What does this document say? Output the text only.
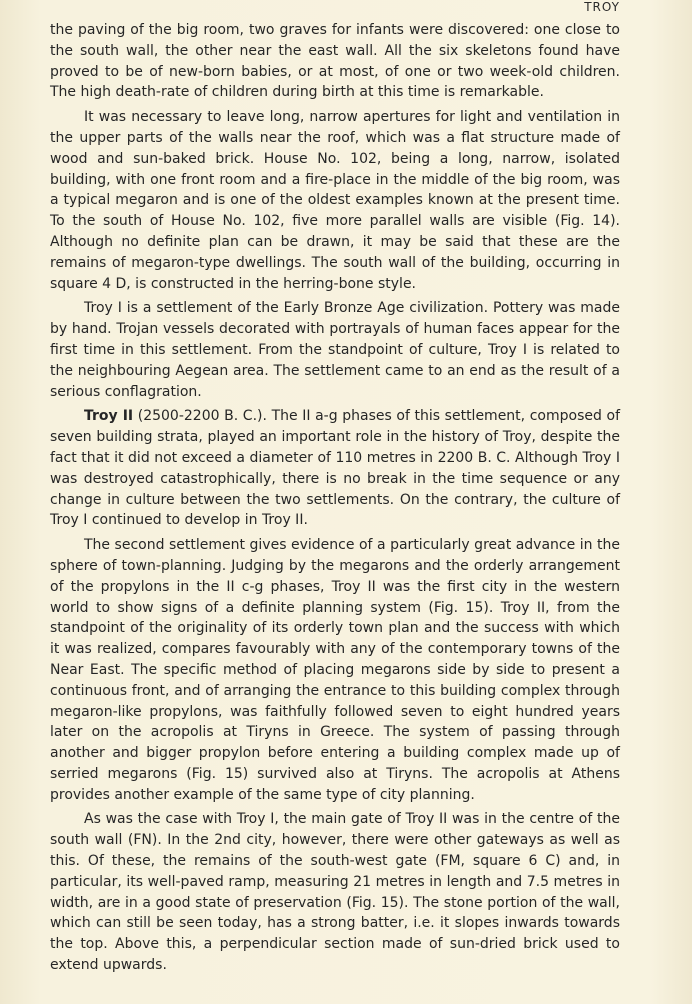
TROY

the paving of the big room, two graves for infants were discovered: one close to the south wall, the other near the east wall. All the six skeletons found have proved to be of new-born babies, or at most, of one or two week-old children. The high death-rate of children during birth at this time is remarkable.

It was necessary to leave long, narrow apertures for light and ventilation in the upper parts of the walls near the roof, which was a flat structure made of wood and sun-baked brick. House No. 102, being a long, narrow, isolated building, with one front room and a fire-place in the middle of the big room, was a typical megaron and is one of the oldest examples known at the present time. To the south of House No. 102, five more parallel walls are visible (Fig. 14). Although no definite plan can be drawn, it may be said that these are the remains of megaron-type dwellings. The south wall of the building, occurring in square 4 D, is constructed in the herring-bone style.

Troy I is a settlement of the Early Bronze Age civilization. Pottery was made by hand. Trojan vessels decorated with portrayals of human faces appear for the first time in this settlement. From the standpoint of culture, Troy I is related to the neighbouring Aegean area. The settlement came to an end as the result of a serious conflagration.

Troy II (2500-2200 B. C.). The II a-g phases of this settlement, composed of seven building strata, played an important role in the history of Troy, despite the fact that it did not exceed a diameter of 110 metres in 2200 B. C. Although Troy I was destroyed catastrophically, there is no break in the time sequence or any change in culture between the two settlements. On the contrary, the culture of Troy I continued to develop in Troy II.

The second settlement gives evidence of a particularly great advance in the sphere of town-planning. Judging by the megarons and the orderly arrangement of the propylons in the II c-g phases, Troy II was the first city in the western world to show signs of a definite planning system (Fig. 15). Troy II, from the standpoint of the originality of its orderly town plan and the success with which it was realized, compares favourably with any of the contemporary towns of the Near East. The specific method of placing megarons side by side to present a continuous front, and of arranging the entrance to this building complex through megaron-like propylons, was faithfully followed seven to eight hundred years later on the acropolis at Tiryns in Greece. The system of passing through another and bigger propylon before entering a building complex made up of serried megarons (Fig. 15) survived also at Tiryns. The acropolis at Athens provides another example of the same type of city planning.

As was the case with Troy I, the main gate of Troy II was in the centre of the south wall (FN). In the 2nd city, however, there were other gateways as well as this. Of these, the remains of the south-west gate (FM, square 6 C) and, in particular, its well-paved ramp, measuring 21 metres in length and 7.5 metres in width, are in a good state of preservation (Fig. 15). The stone portion of the wall, which can still be seen today, has a strong batter, i.e. it slopes inwards towards the top. Above this, a perpendicular section made of sun-dried brick used to extend upwards.
